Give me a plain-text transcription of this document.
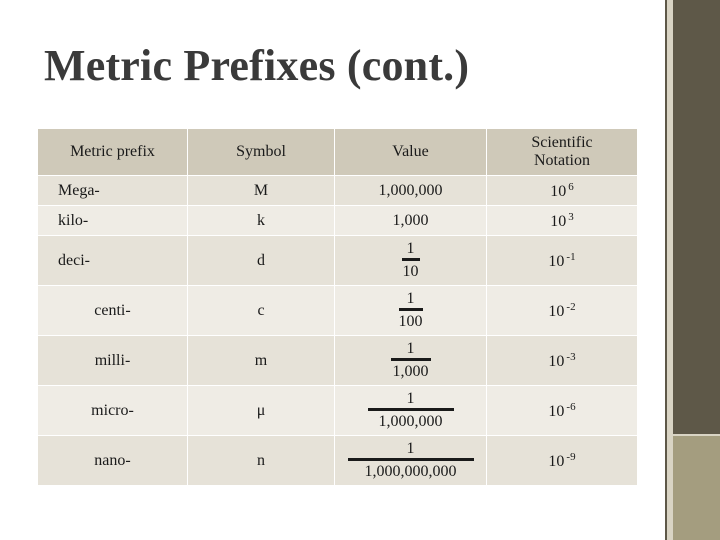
Metric Prefixes (cont.)
Metric prefix	Symbol	Value	Scientific Notation
Mega-	M	1,000,000	10 $^6$
kilo-	k	1,000	10 $^3$
deci-	d	$\frac{1}{10}$	10 $^{-1}$
centi-	c	$\frac{1}{100}$	10 $^{-2}$
milli-	m	$\frac{1}{1,000}$	10 $^{-3}$
micro-	μ	$\frac{1}{1,000,000}$	10 $^{-6}$
nano-	n	$\frac{1}{1,000,000,000}$	10 $^{-9}$
